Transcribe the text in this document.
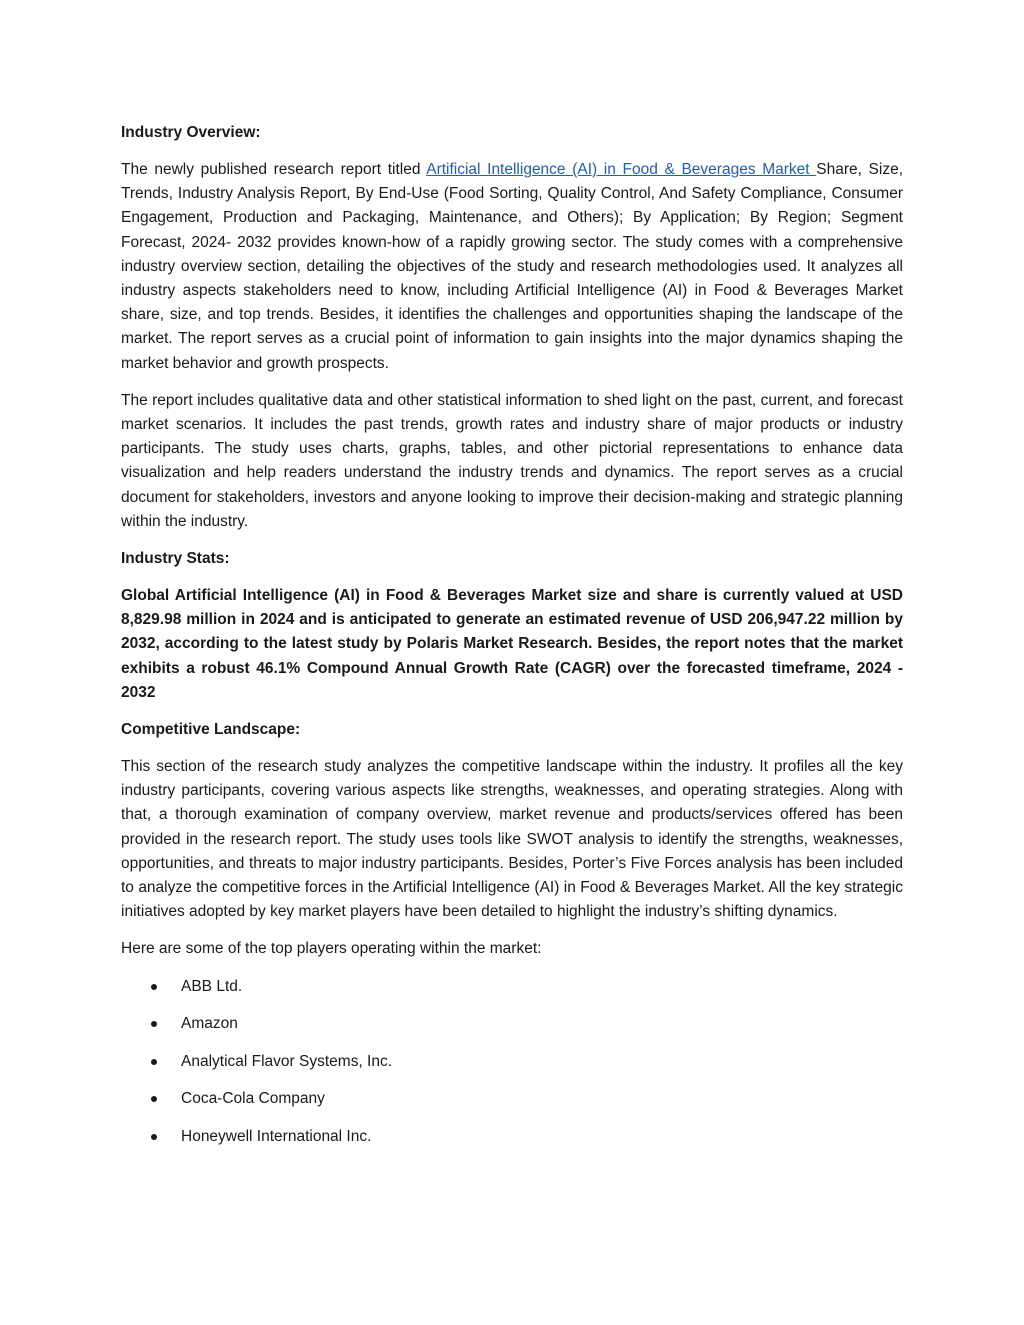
Industry Overview:

The newly published research report titled Artificial Intelligence (AI) in Food & Beverages Market Share, Size, Trends, Industry Analysis Report, By End-Use (Food Sorting, Quality Control, And Safety Compliance, Consumer Engagement, Production and Packaging, Maintenance, and Others); By Application; By Region; Segment Forecast, 2024- 2032 provides known-how of a rapidly growing sector. The study comes with a comprehensive industry overview section, detailing the objectives of the study and research methodologies used. It analyzes all industry aspects stakeholders need to know, including Artificial Intelligence (AI) in Food & Beverages Market share, size, and top trends. Besides, it identifies the challenges and opportunities shaping the landscape of the market. The report serves as a crucial point of information to gain insights into the major dynamics shaping the market behavior and growth prospects.

The report includes qualitative data and other statistical information to shed light on the past, current, and forecast market scenarios. It includes the past trends, growth rates and industry share of major products or industry participants. The study uses charts, graphs, tables, and other pictorial representations to enhance data visualization and help readers understand the industry trends and dynamics. The report serves as a crucial document for stakeholders, investors and anyone looking to improve their decision-making and strategic planning within the industry.

Industry Stats:

Global Artificial Intelligence (AI) in Food & Beverages Market size and share is currently valued at USD 8,829.98 million in 2024 and is anticipated to generate an estimated revenue of USD 206,947.22 million by 2032, according to the latest study by Polaris Market Research. Besides, the report notes that the market exhibits a robust 46.1% Compound Annual Growth Rate (CAGR) over the forecasted timeframe, 2024 - 2032

Competitive Landscape:

This section of the research study analyzes the competitive landscape within the industry. It profiles all the key industry participants, covering various aspects like strengths, weaknesses, and operating strategies. Along with that, a thorough examination of company overview, market revenue and products/services offered has been provided in the research report. The study uses tools like SWOT analysis to identify the strengths, weaknesses, opportunities, and threats to major industry participants. Besides, Porter’s Five Forces analysis has been included to analyze the competitive forces in the Artificial Intelligence (AI) in Food & Beverages Market. All the key strategic initiatives adopted by key market players have been detailed to highlight the industry’s shifting dynamics.

Here are some of the top players operating within the market:

ABB Ltd.
Amazon
Analytical Flavor Systems, Inc.
Coca-Cola Company
Honeywell International Inc.
